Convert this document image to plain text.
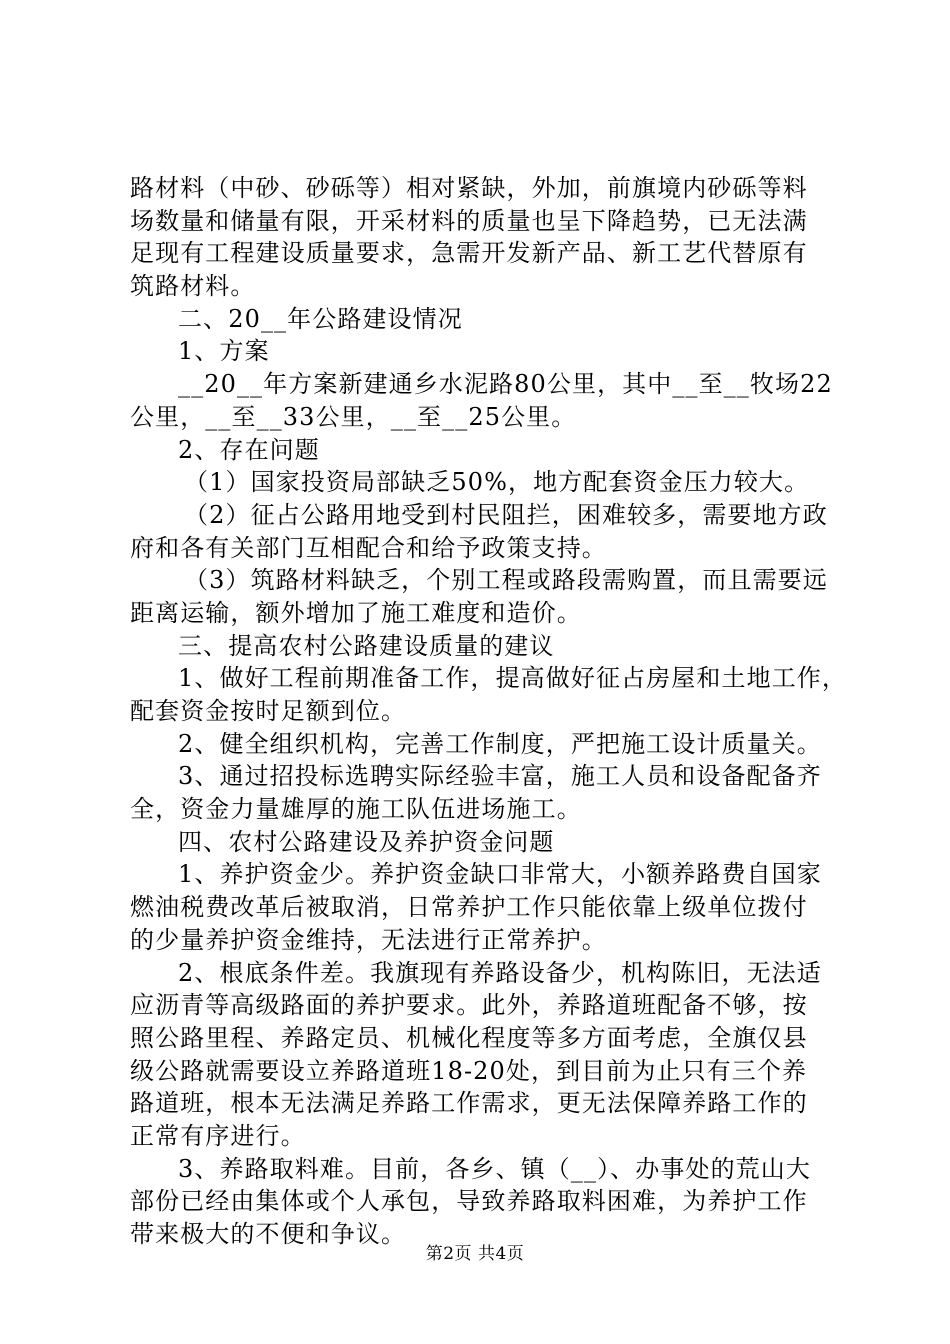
路材料（中砂、砂砾等）相对紧缺，外加，前旗境内砂砾等料
场数量和储量有限，开采材料的质量也呈下降趋势，已无法满
足现有工程建设质量要求，急需开发新产品、新工艺代替原有
筑路材料。
二、20__年公路建设情况
1、方案
__20__年方案新建通乡水泥路80公里，其中__至__牧场22
公里，__至__33公里，__至__25公里。
2、存在问题
（1）国家投资局部缺乏50%，地方配套资金压力较大。
（2）征占公路用地受到村民阻拦，困难较多，需要地方政
府和各有关部门互相配合和给予政策支持。
（3）筑路材料缺乏，个别工程或路段需购置，而且需要远
距离运输，额外增加了施工难度和造价。
三、提高农村公路建设质量的建议
1、做好工程前期准备工作，提高做好征占房屋和土地工作，
配套资金按时足额到位。
2、健全组织机构，完善工作制度，严把施工设计质量关。
3、通过招投标选聘实际经验丰富，施工人员和设备配备齐
全，资金力量雄厚的施工队伍进场施工。
四、农村公路建设及养护资金问题
1、养护资金少。养护资金缺口非常大，小额养路费自国家
燃油税费改革后被取消，日常养护工作只能依靠上级单位拨付
的少量养护资金维持，无法进行正常养护。
2、根底条件差。我旗现有养路设备少，机构陈旧，无法适
应沥青等高级路面的养护要求。此外，养路道班配备不够，按
照公路里程、养路定员、机械化程度等多方面考虑，全旗仅县
级公路就需要设立养路道班18-20处，到目前为止只有三个养
路道班，根本无法满足养路工作需求，更无法保障养路工作的
正常有序进行。
3、养路取料难。目前，各乡、镇（__）、办事处的荒山大
部份已经由集体或个人承包，导致养路取料困难，为养护工作
带来极大的不便和争议。
第2页 共4页
